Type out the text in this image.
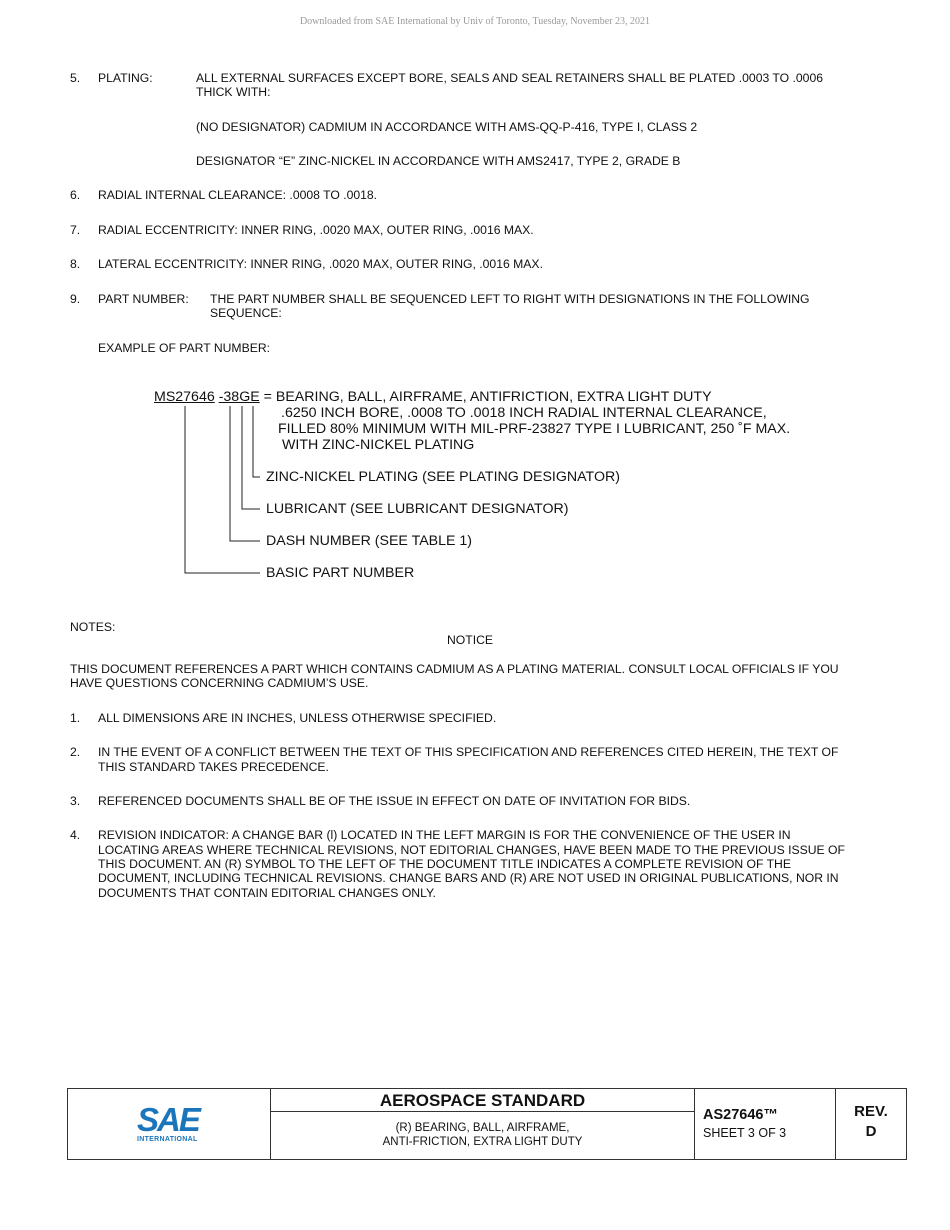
Downloaded from SAE International by Univ of Toronto, Tuesday, November 23, 2021
5. PLATING:	ALL EXTERNAL SURFACES EXCEPT BORE, SEALS AND SEAL RETAINERS SHALL BE PLATED .0003 TO .0006
THICK WITH:
(NO DESIGNATOR) CADMIUM IN ACCORDANCE WITH AMS-QQ-P-416, TYPE I, CLASS 2
DESIGNATOR “E” ZINC-NICKEL IN ACCORDANCE WITH AMS2417, TYPE 2, GRADE B
6. RADIAL INTERNAL CLEARANCE: .0008 TO .0018.
7. RADIAL ECCENTRICITY: INNER RING, .0020 MAX, OUTER RING, .0016 MAX.
8. LATERAL ECCENTRICITY: INNER RING, .0020 MAX, OUTER RING, .0016 MAX.
9. PART NUMBER: THE PART NUMBER SHALL BE SEQUENCED LEFT TO RIGHT WITH DESIGNATIONS IN THE FOLLOWING
SEQUENCE:
EXAMPLE OF PART NUMBER:
MS27646 -38GE = BEARING, BALL, AIRFRAME, ANTIFRICTION, EXTRA LIGHT DUTY
.6250 INCH BORE, .0008 TO .0018 INCH RADIAL INTERNAL CLEARANCE,
FILLED 80% MINIMUM WITH MIL-PRF-23827 TYPE I LUBRICANT, 250 ˚F MAX.
WITH ZINC-NICKEL PLATING
ZINC-NICKEL PLATING (SEE PLATING DESIGNATOR)
LUBRICANT (SEE LUBRICANT DESIGNATOR)
DASH NUMBER (SEE TABLE 1)
BASIC PART NUMBER
NOTES:
NOTICE
THIS DOCUMENT REFERENCES A PART WHICH CONTAINS CADMIUM AS A PLATING MATERIAL. CONSULT LOCAL OFFICIALS IF YOU
HAVE QUESTIONS CONCERNING CADMIUM’S USE.
1. ALL DIMENSIONS ARE IN INCHES, UNLESS OTHERWISE SPECIFIED.
2. IN THE EVENT OF A CONFLICT BETWEEN THE TEXT OF THIS SPECIFICATION AND REFERENCES CITED HEREIN, THE TEXT OF
THIS STANDARD TAKES PRECEDENCE.
3. REFERENCED DOCUMENTS SHALL BE OF THE ISSUE IN EFFECT ON DATE OF INVITATION FOR BIDS.
4. REVISION INDICATOR: A CHANGE BAR (l) LOCATED IN THE LEFT MARGIN IS FOR THE CONVENIENCE OF THE USER IN
LOCATING AREAS WHERE TECHNICAL REVISIONS, NOT EDITORIAL CHANGES, HAVE BEEN MADE TO THE PREVIOUS ISSUE OF
THIS DOCUMENT. AN (R) SYMBOL TO THE LEFT OF THE DOCUMENT TITLE INDICATES A COMPLETE REVISION OF THE
DOCUMENT, INCLUDING TECHNICAL REVISIONS. CHANGE BARS AND (R) ARE NOT USED IN ORIGINAL PUBLICATIONS, NOR IN
DOCUMENTS THAT CONTAIN EDITORIAL CHANGES ONLY.
SAE
INTERNATIONAL
AEROSPACE STANDARD
(R) BEARING, BALL, AIRFRAME,
ANTI-FRICTION, EXTRA LIGHT DUTY
AS27646™
SHEET 3 OF 3
REV.
D
